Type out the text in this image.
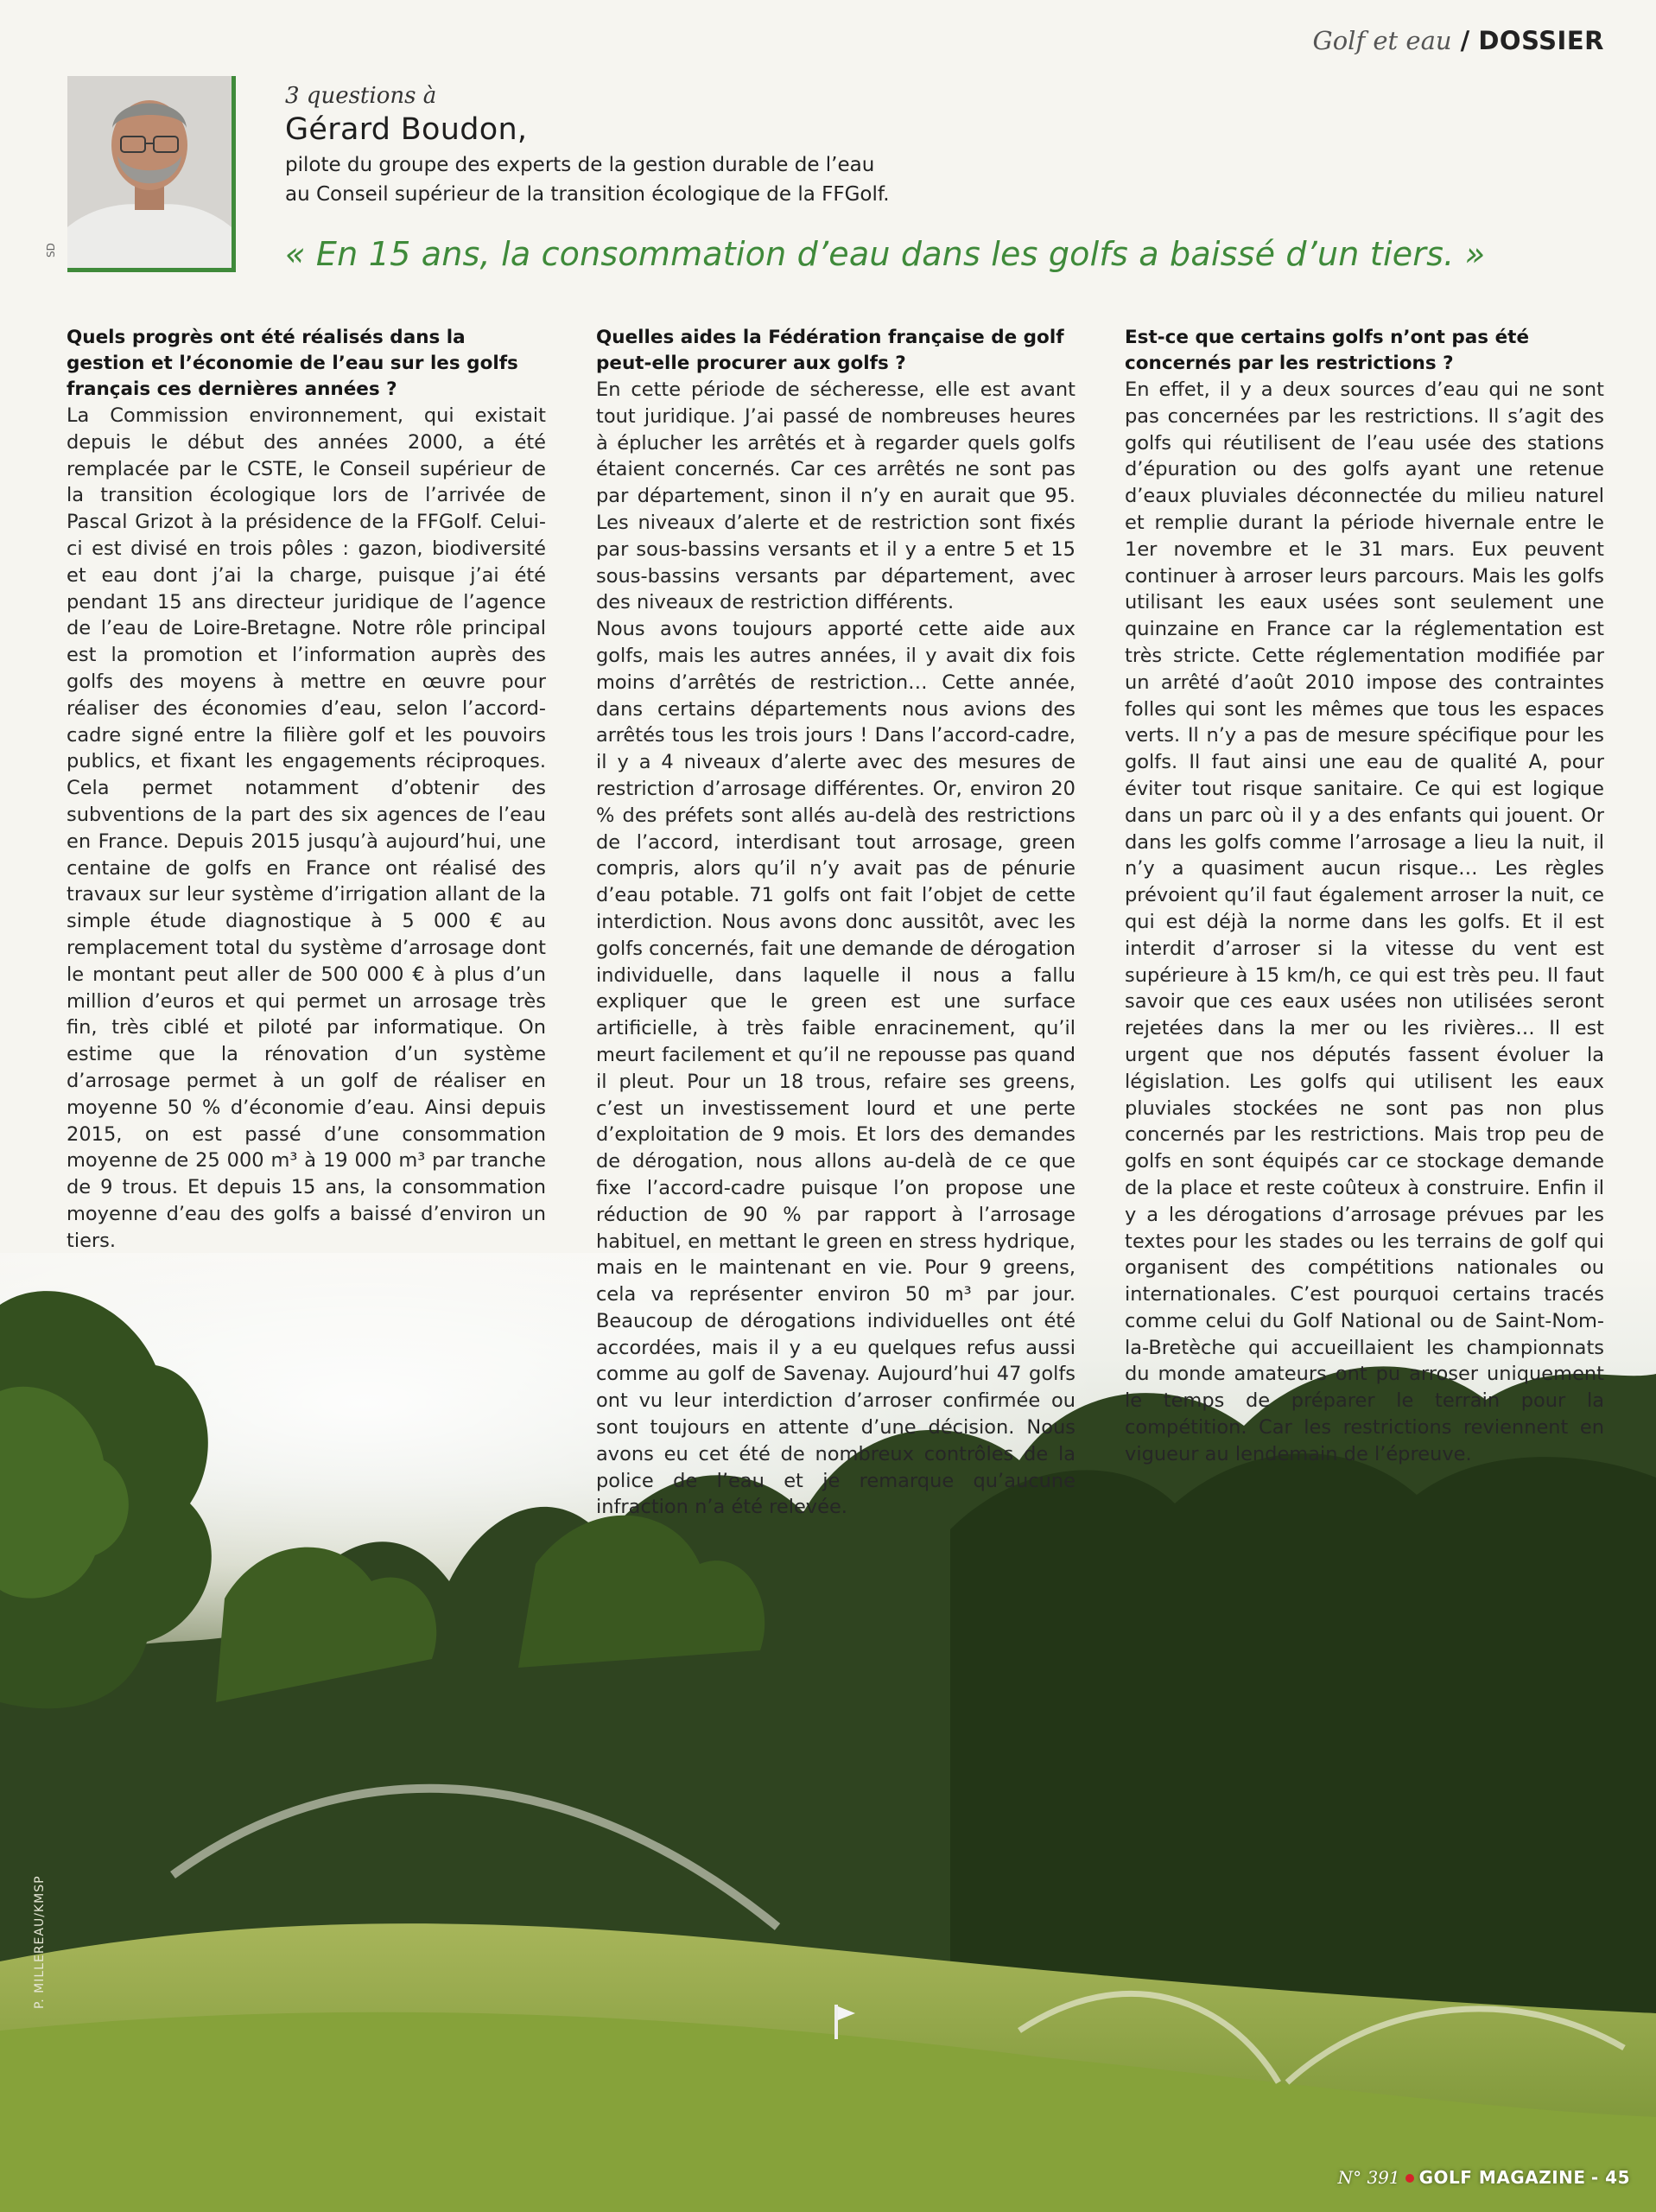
P. MILLEREAU/KMSP
Golf et eau / DOSSIER
SD
3 questions à
Gérard Boudon,
pilote du groupe des experts de la gestion durable de l’eau
au Conseil supérieur de la transition écologique de la FFGolf.
« En 15 ans, la consommation d’eau dans les golfs a baissé d’un tiers. »

Quels progrès ont été réalisés dans la gestion et l’économie de l’eau sur les golfs français ces dernières années ?

La Commission environnement, qui existait depuis le début des années 2000, a été remplacée par le CSTE, le Conseil supérieur de la transition écologique lors de l’arrivée de Pascal Grizot à la présidence de la FFGolf. Celui-ci est divisé en trois pôles : gazon, biodiversité et eau dont j’ai la charge, puisque j’ai été pendant 15 ans directeur juridique de l’agence de l’eau de Loire-Bretagne. Notre rôle principal est la promotion et l’information auprès des golfs des moyens à mettre en œuvre pour réaliser des économies d’eau, selon l’accord-cadre signé entre la filière golf et les pouvoirs publics, et fixant les engagements réciproques. Cela permet notamment d’obtenir des subventions de la part des six agences de l’eau en France. Depuis 2015 jusqu’à aujourd’hui, une centaine de golfs en France ont réalisé des travaux sur leur système d’irrigation allant de la simple étude diagnostique à 5 000 € au remplacement total du système d’arrosage dont le montant peut aller de 500 000 € à plus d’un million d’euros et qui permet un arrosage très fin, très ciblé et piloté par informatique. On estime que la rénovation d’un système d’arrosage permet à un golf de réaliser en moyenne 50 % d’économie d’eau. Ainsi depuis 2015, on est passé d’une consommation moyenne de 25 000 m³ à 19 000 m³ par tranche de 9 trous. Et depuis 15 ans, la consommation moyenne d’eau des golfs a baissé d’environ un tiers.

Quelles aides la Fédération française de golf peut-elle procurer aux golfs ?

En cette période de sécheresse, elle est avant tout juridique. J’ai passé de nombreuses heures à éplucher les arrêtés et à regarder quels golfs étaient concernés. Car ces arrêtés ne sont pas par département, sinon il n’y en aurait que 95. Les niveaux d’alerte et de restriction sont fixés par sous-bassins versants et il y a entre 5 et 15 sous-bassins versants par département, avec des niveaux de restriction différents.

Nous avons toujours apporté cette aide aux golfs, mais les autres années, il y avait dix fois moins d’arrêtés de restriction… Cette année, dans certains départements nous avions des arrêtés tous les trois jours ! Dans l’accord-cadre, il y a 4 niveaux d’alerte avec des mesures de restriction d’arrosage différentes. Or, environ 20 % des préfets sont allés au-delà des restrictions de l’accord, interdisant tout arrosage, green compris, alors qu’il n’y avait pas de pénurie d’eau potable. 71 golfs ont fait l’objet de cette interdiction. Nous avons donc aussitôt, avec les golfs concernés, fait une demande de dérogation individuelle, dans laquelle il nous a fallu expliquer que le green est une surface artificielle, à très faible enracinement, qu’il meurt facilement et qu’il ne repousse pas quand il pleut. Pour un 18 trous, refaire ses greens, c’est un investissement lourd et une perte d’exploitation de 9 mois. Et lors des demandes de dérogation, nous allons au-delà de ce que fixe l’accord-cadre puisque l’on propose une réduction de 90 % par rapport à l’arrosage habituel, en mettant le green en stress hydrique, mais en le maintenant en vie. Pour 9 greens, cela va représenter environ 50 m³ par jour. Beaucoup de dérogations individuelles ont été accordées, mais il y a eu quelques refus aussi comme au golf de Savenay. Aujourd’hui 47 golfs ont vu leur interdiction d’arroser confirmée ou sont toujours en attente d’une décision. Nous avons eu cet été de nombreux contrôles de la police de l’eau et je remarque qu’aucune infraction n’a été relevée.

Est-ce que certains golfs n’ont pas été concernés par les restrictions ?

En effet, il y a deux sources d’eau qui ne sont pas concernées par les restrictions. Il s’agit des golfs qui réutilisent de l’eau usée des stations d’épuration ou des golfs ayant une retenue d’eaux pluviales déconnectée du milieu naturel et remplie durant la période hivernale entre le 1er novembre et le 31 mars. Eux peuvent continuer à arroser leurs parcours. Mais les golfs utilisant les eaux usées sont seulement une quinzaine en France car la réglementation est très stricte. Cette réglementation modifiée par un arrêté d’août 2010 impose des contraintes folles qui sont les mêmes que tous les espaces verts. Il n’y a pas de mesure spécifique pour les golfs. Il faut ainsi une eau de qualité A, pour éviter tout risque sanitaire. Ce qui est logique dans un parc où il y a des enfants qui jouent. Or dans les golfs comme l’arrosage a lieu la nuit, il n’y a quasiment aucun risque… Les règles prévoient qu’il faut également arroser la nuit, ce qui est déjà la norme dans les golfs. Et il est interdit d’arroser si la vitesse du vent est supérieure à 15 km/h, ce qui est très peu. Il faut savoir que ces eaux usées non utilisées seront rejetées dans la mer ou les rivières… Il est urgent que nos députés fassent évoluer la législation. Les golfs qui utilisent les eaux pluviales stockées ne sont pas non plus concernés par les restrictions. Mais trop peu de golfs en sont équipés car ce stockage demande de la place et reste coûteux à construire. Enfin il y a les dérogations d’arrosage prévues par les textes pour les stades ou les terrains de golf qui organisent des compétitions nationales ou internationales. C’est pourquoi certains tracés comme celui du Golf National ou de Saint-Nom-la-Bretèche qui accueillaient les championnats du monde amateurs ont pu arroser uniquement le temps de préparer le terrain pour la compétition. Car les restrictions reviennent en vigueur au lendemain de l’épreuve.

N° 391 GOLF MAGAZINE - 45
